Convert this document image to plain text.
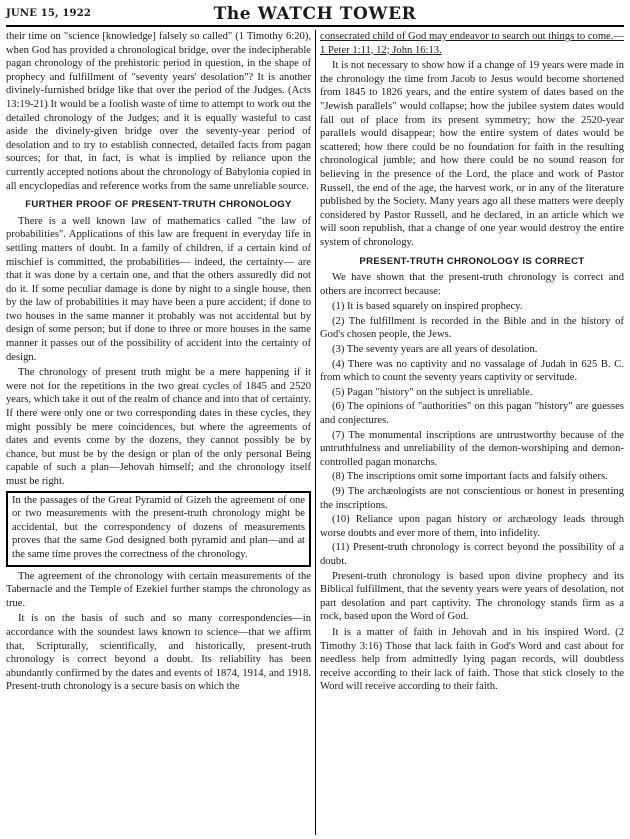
JUNE 15, 1922	The WATCH TOWER

their time on "science [knowledge] falsely so called" (1 Timothy 6:20), when God has provided a chronological bridge, over the indecipherable pagan chronology of the prehistoric period in question, in the shape of prophecy and fulfillment of "seventy years' desolation"? It is another divinely-furnished bridge like that over the period of the Judges. (Acts 13:19-21) It would be a foolish waste of time to attempt to work out the detailed chronology of the Judges; and it is equally wasteful to cast aside the divinely-given bridge over the seventy-year period of desolation and to try to establish connected, detailed facts from pagan sources; for that, in fact, is what is implied by reliance upon the currently accepted notions about the chronology of Babylonia copied in all encyclopedias and reference works from the same unreliable source.

FURTHER PROOF OF PRESENT-TRUTH CHRONOLOGY

There is a well known law of mathematics called "the law of probabilities". Applications of this law are frequent in everyday life in settling matters of doubt. In a family of children, if a certain kind of mischief is committed, the probabilities— indeed, the certainty— are that it was done by a certain one, and that the others assuredly did not do it. If some peculiar damage is done by night to a single house, then by the law of probabilities it may have been a pure accident; if done to two houses in the same manner it probably was not accidental but by design of some person; but if done to three or more houses in the same manner it passes out of the possibility of accident into the certainty of design.

The chronology of present truth might be a mere happening if it were not for the repetitions in the two great cycles of 1845 and 2520 years, which take it out of the realm of chance and into that of certainty. If there were only one or two corresponding dates in these cycles, they might possibly be mere coincidences, but where the agreements of dates and events come by the dozens, they cannot possibly be by chance, but must be by the design or plan of the only personal Being capable of such a plan—Jehovah himself; and the chronology itself must be right.

In the passages of the Great Pyramid of Gizeh the agreement of one or two measurements with the present-truth chronology might be accidental, but the correspondency of dozens of measurements proves that the same God designed both pyramid and plan—and at the same time proves the correctness of the chronology.

The agreement of the chronology with certain measurements of the Tabernacle and the Temple of Ezekiel further stamps the chronology as true.

It is on the basis of such and so many correspondencies—in accordance with the soundest laws known to science—that we affirm that, Scripturally, scientifically, and historically, present-truth chronology is correct beyond a doubt. Its reliability has been abundantly confirmed by the dates and events of 1874, 1914, and 1918. Present-truth chronology is a secure basis on which the

consecrated child of God may endeavor to search out things to come.—1 Peter 1:11, 12; John 16:13.

It is not necessary to show how if a change of 19 years were made in the chronology the time from Jacob to Jesus would become shortened from 1845 to 1826 years, and the entire system of dates based on the "Jewish parallels" would collapse; how the jubilee system dates would fall out of place from its present symmetry; how the 2520-year parallels would disappear; how the entire system of dates would be scattered; how there could be no foundation for faith in the resulting chronological jumble; and how there could be no sound reason for believing in the presence of the Lord, the place and work of Pastor Russell, the end of the age, the harvest work, or in any of the literature published by the Society. Many years ago all these matters were deeply considered by Pastor Russell, and he declared, in an article which we will soon republish, that a change of one year would destroy the entire system of chronology.

PRESENT-TRUTH CHRONOLOGY IS CORRECT

We have shown that the present-truth chronology is correct and others are incorrect because:

(1) It is based squarely on inspired prophecy.
(2) The fulfillment is recorded in the Bible and in the history of God's chosen people, the Jews.
(3) The seventy years are all years of desolation.
(4) There was no captivity and no vassalage of Judah in 625 B. C. from which to count the seventy years captivity or servitude.
(5) Pagan "history" on the subject is unreliable.
(6) The opinions of "authorities" on this pagan "history" are guesses and conjectures.
(7) The monumental inscriptions are untrustworthy because of the untruthfulness and unreliability of the demon-worshiping and demon-controlled pagan monarchs.
(8) The inscriptions omit some important facts and falsify others.
(9) The archæologists are not conscientious or honest in presenting the inscriptions.
(10) Reliance upon pagan history or archæology leads through worse doubts and ever more of them, into infidelity.
(11) Present-truth chronology is correct beyond the possibility of a doubt.

Present-truth chronology is based upon divine prophecy and its Biblical fulfillment, that the seventy years were years of desolation, not part desolation and part captivity. The chronology stands firm as a rock, based upon the Word of God.

It is a matter of faith in Jehovah and in his inspired Word. (2 Timothy 3:16) Those that lack faith in God's Word and cast about for needless help from admittedly lying pagan records, will doubtless receive according to their lack of faith. Those that stick closely to the Word will receive according to their faith.
